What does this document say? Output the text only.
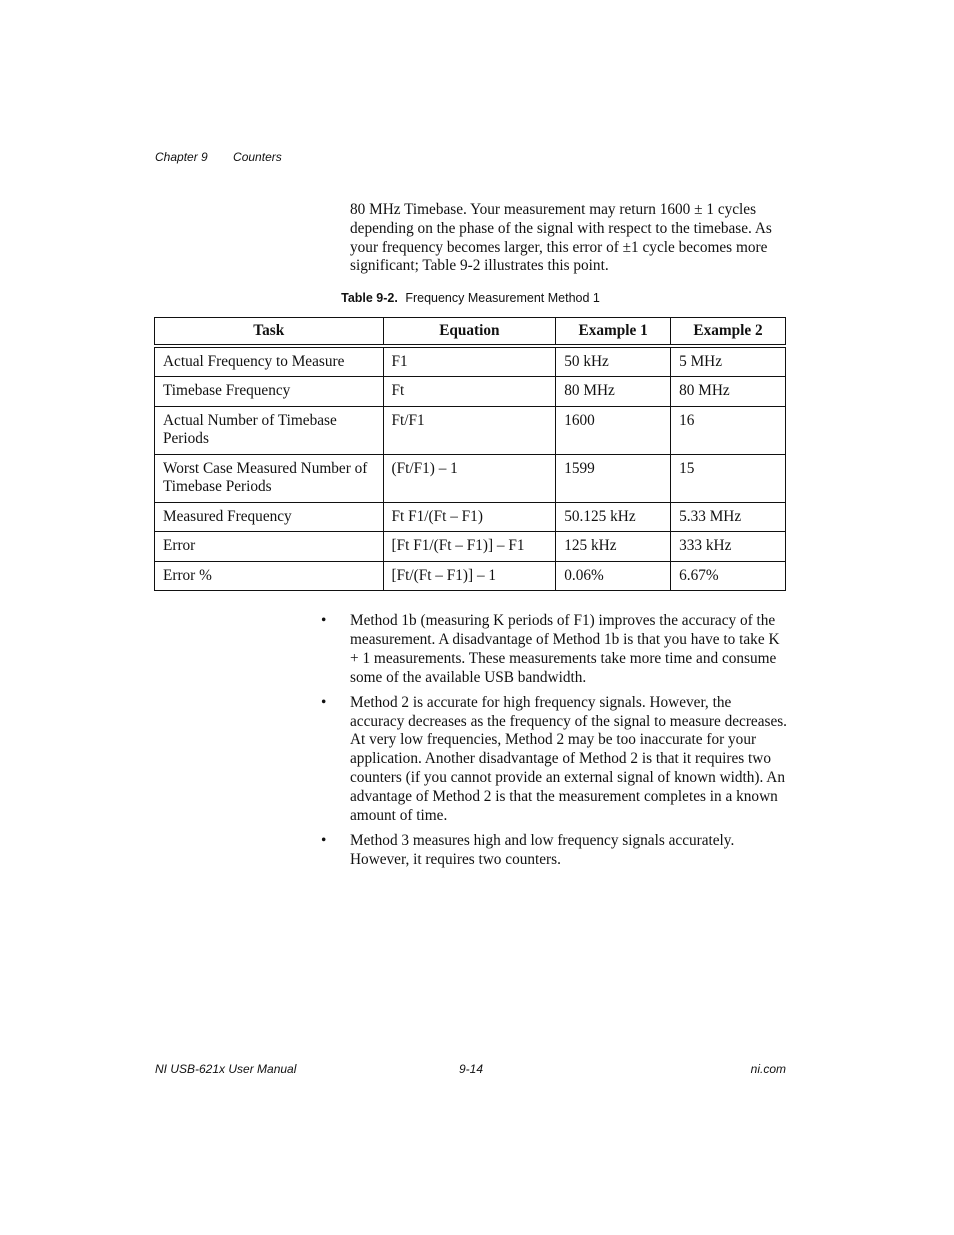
Chapter 9 Counters

80 MHz Timebase. Your measurement may return 1600 ± 1 cycles depending on the phase of the signal with respect to the timebase. As your frequency becomes larger, this error of ±1 cycle becomes more significant; Table 9-2 illustrates this point.

Table 9-2. Frequency Measurement Method 1
Task	Equation	Example 1	Example 2
Actual Frequency to Measure	F1	50 kHz	5 MHz
Timebase Frequency	Ft	80 MHz	80 MHz
Actual Number of Timebase Periods	Ft/F1	1600	16
Worst Case Measured Number of Timebase Periods	(Ft/F1) – 1	1599	15
Measured Frequency	Ft F1/(Ft – F1)	50.125 kHz	5.33 MHz
Error	[Ft F1/(Ft – F1)] – F1	125 kHz	333 kHz
Error %	[Ft/(Ft – F1)] – 1	0.06%	6.67%
• Method 1b (measuring K periods of F1) improves the accuracy of the measurement. A disadvantage of Method 1b is that you have to take K + 1 measurements. These measurements take more time and consume some of the available USB bandwidth.
• Method 2 is accurate for high frequency signals. However, the accuracy decreases as the frequency of the signal to measure decreases. At very low frequencies, Method 2 may be too inaccurate for your application. Another disadvantage of Method 2 is that it requires two counters (if you cannot provide an external signal of known width). An advantage of Method 2 is that the measurement completes in a known amount of time.
• Method 3 measures high and low frequency signals accurately. However, it requires two counters.
NI USB-621x User Manual	9-14	ni.com
